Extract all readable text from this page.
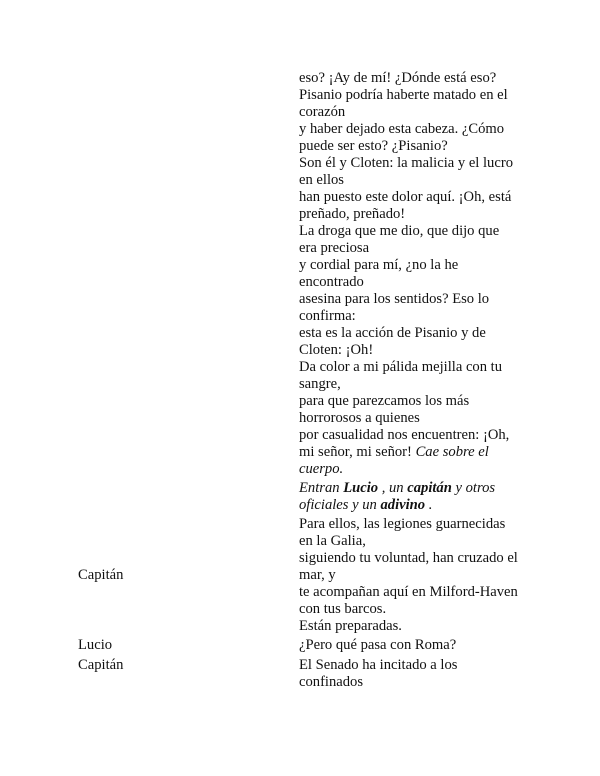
eso? ¡Ay de mí! ¿Dónde está eso?
Pisanio podría haberte matado en el
corazón
y haber dejado esta cabeza. ¿Cómo
puede ser esto? ¿Pisanio?
Son él y Cloten: la malicia y el lucro
en ellos
han puesto este dolor aquí. ¡Oh, está
preñado, preñado!
La droga que me dio, que dijo que
era preciosa
y cordial para mí, ¿no la he
encontrado
asesina para los sentidos? Eso lo
confirma:
esta es la acción de Pisanio y de
Cloten: ¡Oh!
Da color a mi pálida mejilla con tu
sangre,
para que parezcamos los más
horrorosos a quienes
por casualidad nos encuentren: ¡Oh,
mi señor, mi señor! Cae sobre el
cuerpo.
Entran Lucio , un capitán y otros
oficiales y un adivino .
Capitán
Para ellos, las legiones guarnecidas
en la Galia,
siguiendo tu voluntad, han cruzado el
mar, y
te acompañan aquí en Milford-Haven
con tus barcos.
Están preparadas.
Lucio	¿Pero qué pasa con Roma?
Capitán	El Senado ha incitado a los
confinados
